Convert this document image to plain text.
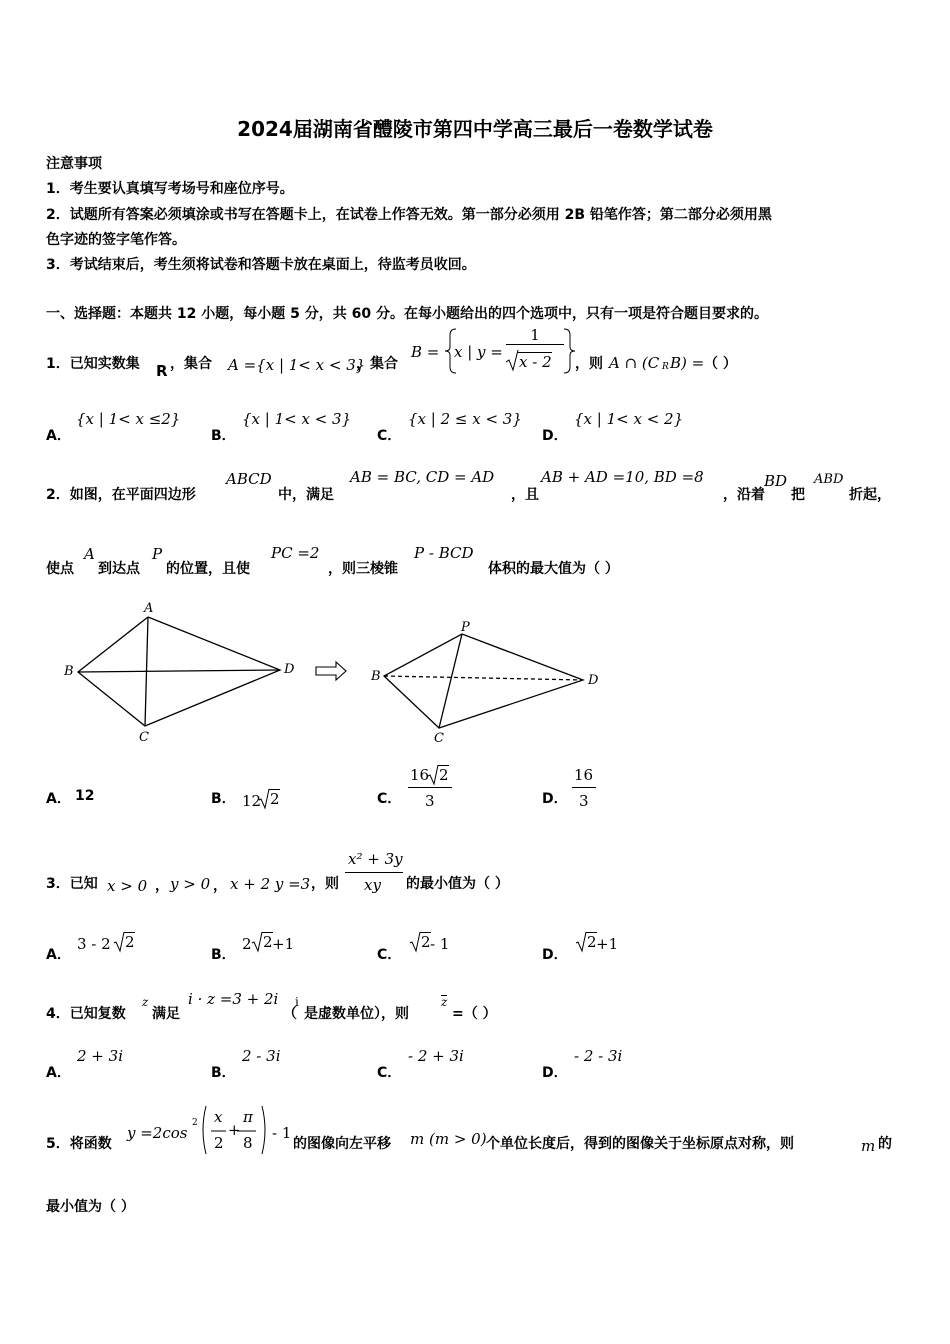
2024届湖南省醴陵市第四中学高三最后一卷数学试卷
注意事项
1．考生要认真填写考场号和座位序号。
2．试题所有答案必须填涂或书写在答题卡上，在试卷上作答无效。第一部分必须用 2B 铅笔作答；第二部分必须用黑
色字迹的签字笔作答。
3．考试结束后，考生须将试卷和答题卡放在桌面上，待监考员收回。
一、选择题：本题共 12 小题，每小题 5 分，共 60 分。在每小题给出的四个选项中，只有一项是符合题目要求的。
1．已知实数集 R ，集合 A ={x | 1< x < 3}
，集合
B = x | y =
1
x - 2 ，则 A ∩ (C R B) = （ ）
A．
{x | 1< x ≤2}
B．
{x | 1< x < 3}
C．
{x | 2 ≤ x < 3}
D．
{x | 1< x < 2}
2．如图，在平面四边形
ABCD
中，满足
AB = BC, CD = AD
，且
AB + AD =10, BD =8
，沿着
BD
把
ABD
折起，
使点
A
到达点
P
的位置，且使
PC =2
，则三棱锥
P - BCD
体积的最大值为（ ）
A
B
C
D
P
B
C
D
A． 12	B． 12 2	C．
16 2
3	D．
16
3
3．已知 x > 0 ， y > 0 ， x + 2 y =3 ，则
x² + 3y
xy 的最小值为（ ）
A．
3 - 2 2
B．
2 2 +1
C．
2 - 1
D．
2 +1
4．已知复数
z
满足
i · z =3 + 2i
（
i
是虚数单位），则
z
=（ ）
A．
2 + 3i
B．
2 - 3i
C．
- 2 + 3i
D．
- 2 - 3i
5．将函数
y =2cos
2 x
2
+
π
8
- 1
的图像向左平移 m (m > 0) 个单位长度后，得到的图像关于坐标原点对称，则	m 的
最小值为（ ）
